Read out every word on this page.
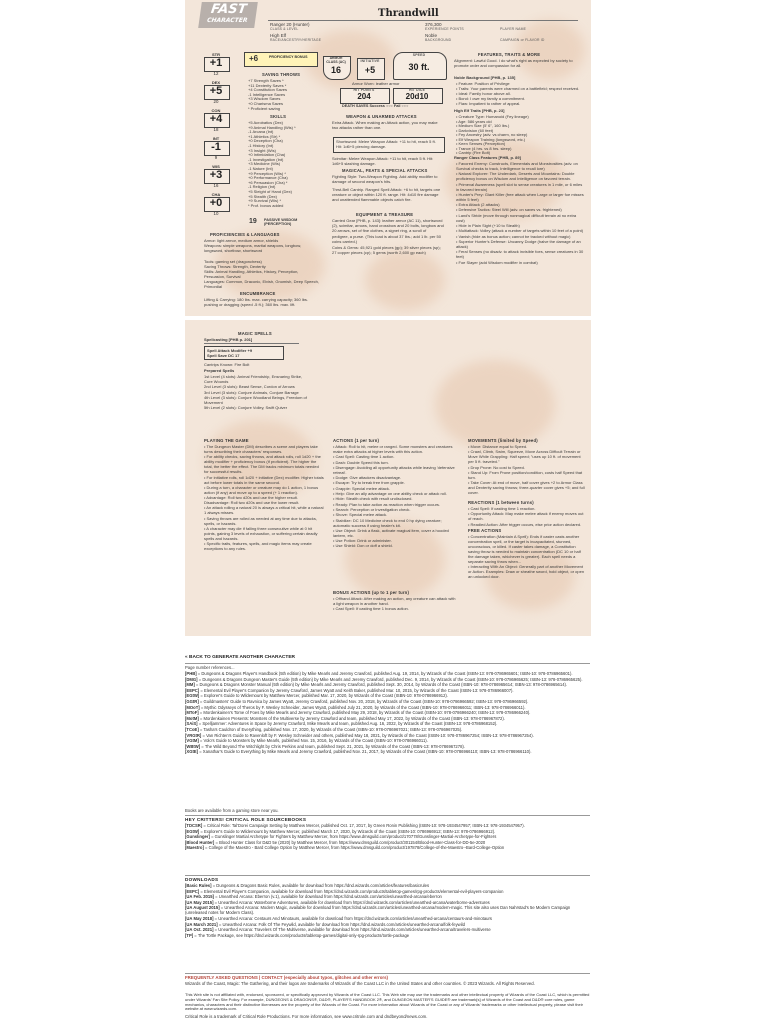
FAST
CHARACTER
Thrandwill
Ranger 20 (Hunter)	376,300
CLASS & LEVEL	EXPERIENCE POINTS	PLAYER NAME
High Elf	Noble
RACE/ANCESTRY/HERITAGE	BACKGROUND	CAMPAIGN or FLAVOR ID
STR
+1
12
DEX
+5
20
CON
+4
18
INT
-1
9
WIS
+3
16
CHA
+0
10
+6	PROFICIENCY BONUS
SAVING THROWS
+7 Strength Saves *
+11 Dexterity Saves *
+4 Constitution Saves
-1 Intelligence Saves
+3 Wisdom Saves
+0 Charisma Saves
* Proficient saving
SKILLS
+5 Acrobatics (Dex)
+9 Animal Handling (Wis) *
-1 Arcana (Int)
+1 Athletics (Str) *
+0 Deception (Cha)
-1 History (Int)
+3 Insight (Wis)
+0 Intimidation (Cha)
-1 Investigation (Int)
+3 Medicine (Wis)
-1 Nature (Int)
+9 Perception (Wis) *
+0 Performance (Cha)
+6 Persuasion (Cha) *
-1 Religion (Int)
+5 Sleight of Hand (Dex)
+5 Stealth (Dex)
+9 Survival (Wis) *
* Prof. bonus added
19 PASSIVE WISDOM (PERCEPTION)
PROFICIENCIES & LANGUAGES
Armor: light armor, medium armor, shields
Weapons: simple weapons, martial weapons, longbow, longsword, shortbow, shortsword
Tools: gaming set (dragonchess)
Saving Throws: Strength, Dexterity
Skills: Animal Handling, Athletics, History, Perception, Persuasion, Survival
Languages: Common, Draconic, Elvish, Gnomish, Deep Speech, Primordial
ENCUMBRANCE
Lifting & Carrying: 180 lbs. max. carrying capacity; 360 lbs. pushing or dragging (speed -5 ft.); 360 lbs. max. lift.
ARMOR CLASS (AC)
16
INITIATIVE
+5
SPEED
30 ft.
Armor Worn: leather armor
HIT POINTS
204
HIT DICE
20d10
DEATH SAVES Success ○○○ Fail ○○○
WEAPON & UNARMED ATTACKS
Extra Attack. When making an Attack action, you may make two attacks rather than one.
Shortsword: Melee Weapon Attack: +11 to hit, reach 5 ft. Hit: 1d6+5 piercing damage.
Scimitar: Melee Weapon Attack: +11 to hit, reach 5 ft. Hit: 1d6+5 slashing damage.
MAGICAL, FEATS & SPECIAL ATTACKS
Fighting Style: Two-Weapon Fighting. Add ability modifier to damage of second weapon's hits.
Thrst-Bell Cantrip. Ranged Spell Attack: +6 to hit, targets one creature or object within 120 ft. range. Hit: 4d10 fire damage and unattended flammable objects catch fire.
EQUIPMENT & TREASURE
Carried Gear [PHB, p. 143]: leather armor (AC 11), shortsword (2), scimitar, arrows, hand crossbow and 20 bolts, longbow and 20 arrows, set of fine clothes, a signet ring, a scroll of pedigree, a purse. (This load is about 37 lbs.; add 1 lb. per 50 coins carried.)
Coins & Gems: 45,921 gold pieces (gp); 39 silver pieces (sp); 27 copper pieces (cp); 5 gems (worth 2,600 gp each)
FEATURES, TRAITS & MORE
Alignment: Lawful Good. I do what's right as expected by society to promote order and compassion for all.
Noble Background [PHB, p. 135]
• Feature: Position of Privilege
• Traits: Your parents were charmed on a battlefield; respect received.
• Ideal: Family honor above all.
• Bond: I owe my family a commitment.
• Flaw: Impatient to rather of appeal.
High Elf Traits [PHB, p. 23]
• Creature Type: Humanoid (Fey lineage)
• Age: 586 years old
• Medium Size (5' 6", 160 lbs.)
• Darkvision (60 feet)
• Fey Ancestry (adv. vs charm, no sleep)
• Elf Weapon Training (longsword, etc.)
• Keen Senses (Perception)
• Trance (4 hrs. vs 8 hrs. sleep)
• Cantrip (Fire Bolt)
Ranger Class Features [PHB, p. 89]
• Favored Enemy: Constructs, Elementals and Monstrosities (adv. on Survival checks to track, Intelligence to recall lore)
• Natural Explorer: The Underdark, Deserts and Mountains: Double proficiency bonus on Wisdom and Intelligence on favored terrain.
• Primeval Awareness (spell slot to sense creatures in 1 mile, or 6 miles in favored terrain)
• Hunter's Prey: Giant Killer (free attack when Large or larger foe misses within 5 feet)
• Extra Attack (2 attacks)
• Defensive Tactics: Steel Will (adv. on saves vs. frightened)
• Land's Stride (move through nonmagical difficult terrain at no extra cost)
• Hide in Plain Sight (+10 to Stealth)
• Multiattack: Volley (attack a number of targets within 10 feet of a point)
• Vanish (hide as bonus action; cannot be tracked without magic)
• Superior Hunter's Defense: Uncanny Dodge (halve the damage of an attack)
• Feral Senses (no disadv. to attack invisible foes, sense creatures in 30 feet)
• Foe Slayer (add Wisdom modifier in combat)
MAGIC SPELLS
Spellcasting [PHB p. 201]
Spell Attack Modifier +9
Spell Save DC 17
Cantrips Known: Fire Bolt
Prepared Spells
1st Level (4 slots): Animal Friendship, Ensnaring Strike, Cure Wounds
2nd Level (3 slots): Beast Sense, Cordon of Arrows
3rd Level (3 slots): Conjure Animals, Conjure Barrage
4th Level (3 slots): Conjure Woodland Beings, Freedom of Movement
5th Level (2 slots): Conjure Volley, Swift Quiver
PLAYING THE GAME
• The Dungeon Master (DM) describes a scene and players take turns describing their characters' responses.
• For ability checks, saving throws, and attack rolls, roll 1d20 + the ability modifier + proficiency bonus (if proficient). The higher the total, the better the effect. The DM tracks minimum totals needed for successful results.
• For initiative rolls, roll 1d20 + initiative (Dex) modifier. Higher totals act before lower totals in the same second.
• During a turn, a character or creature may do 1 action, 1 bonus action (if any) and move up to a speed (+ 1 reaction).
• Advantage: Roll two d20s and use the higher result. Disadvantage: Roll two d20s and use the lower result.
• An attack rolling a natural 20 is always a critical hit, while a natural 1 always misses.
• Saving throws are rolled as needed at any time due to attacks, spells, or hazards.
• A character may die if falling three consecutive while at 0 hit points, gaining 3 levels of exhaustion, or suffering certain deadly spells and hazards.
• Specific traits, features, spells, and magic items may create exceptions to any rules.
ACTIONS (1 per turn)
• Attack: Roll to hit, melee or ranged. Some monsters and creatures make extra attacks at higher levels with this action.
• Cast Spell: Casting time 1 action.
• Dash: Double Speed this turn.
• Disengage: Avoiding all opportunity attacks while leaving 'defensive retreat'.
• Dodge: Give attackers disadvantage.
• Escape: Try to break free from grapple.
• Grapple: Special melee attack.
• Help: Give an ally advantage on one ability check or attack roll.
• Hide: Stealth check with result undisclosed.
• Ready: Plan to take action as reaction when trigger occurs.
• Search: Perception or Investigation check.
• Shove: Special melee attack.
• Stabilize: DC 10 Medicine check to end 0 hp dying creature; automatic success if using healer's kit.
• Use Object: Drink a flask, activate magical item, cover a hooded lantern, etc.
• Use Potion: Drink or administer.
• Use Shield: Don or doff a shield.
BONUS ACTIONS (up to 1 per turn)
• Offhand Attack: After making an action, any creature can attack with a light weapon in another hand.
• Cast Spell: If casting time 1 bonus action.
MOVEMENTS (limited by Speed)
• Move: Distance equal to Speed.
• Crawl, Climb, Swim, Squeeze, Move Across Difficult Terrain or Move While Grappling: Half speed; "uses up 10 ft. of movement per 5 ft. traveled."
• Drop Prone: No cost to Speed.
• Stand Up: From Prone position/condition, costs half Speed that turn.
• Take Cover: At end of move, half cover gives +2 to Armor Class and Dexterity saving throws; three-quarter cover gives +5; and full cover.
REACTIONS (1 between turns)
• Cast Spell: If casting time 1 reaction.
• Opportunity Attack: May make melee attack if enemy moves out of reach.
• Readied Action: After trigger occurs, else prior action declared.
FREE ACTIONS
• Concentration (Maintain A Spell): Ends if caster casts another concentration spell, or the target is incapacitated, stunned, unconscious, or killed. If caster takes damage, a Constitution saving throw is needed to maintain concentration (DC 10 or half the damage taken, whichever is greater). Each spell needs a separate saving throw when...
• Interacting With An Object: Generally part of another Movement or Action. Examples: Draw or sheathe sword, hold object, or open an unlocked door.
« BACK TO GENERATE ANOTHER CHARACTER
Page number references...
[PHB] = Dungeons & Dragons Player's Handbook (5th edition) by Mike Mearls and Jeremy Crawford, published Aug. 19, 2014, by Wizards of the Coast (ISBN-13: 978-0786965601; ISBN-10: 978-0786965601).
[DMG] = Dungeons & Dragons Dungeon Master's Guide (5th edition) by Mike Mearls and Jeremy Crawford, published Dec. 9, 2014, by Wizards of the Coast (ISBN-10: 978-0786965625; ISBN-13: 978-0786965625).
[MM] = Dungeons & Dragons Monster Manual (5th edition) by Mike Mearls and Jeremy Crawford, published Sept. 30, 2014, by Wizards of the Coast (ISBN-10: 978-0786965614; ISBN-13: 978-0786965614).
[EEPC] = Elemental Evil Player's Companion by Jeremy Crawford, James Wyatt and Keith Baker, published Mar. 10, 2015, by Wizards of the Coast (ISBN-13: 978-0786966007).
[EGtW] = Explorer's Guide to Wildemount by Matthew Mercer, published Mar. 17, 2020, by Wizards of the Coast (ISBN-10: 978-0786966912).
[GGtR] = Guildmasters' Guide to Ravnica by James Wyatt, Jeremy Crawford, published Nov. 20, 2018, by Wizards of the Coast (ISBN-10: 978-0786966592; ISBN-13: 978-0786966592).
[MOoT] = Mythic Odysseys of Theros by F. Wesley Schneider, James Wyatt, published July 21, 2020, by Wizards of the Coast (ISBN-10: 978-0786966011; ISBN-13: 978-0786966011).
[MToF] = Mordenkainen's Tome of Foes by Mike Mearls and Jeremy Crawford, published May 29, 2018, by Wizards of the Coast (ISBN-10: 978-0786966240; ISBN-13: 978-0786966240).
[MotM] = Mordenkainen Presents: Monsters of the Multiverse by Jeremy Crawford and team, published May 17, 2022, by Wizards of the Coast (ISBN-13: 978-0786967872).
[SAiS] = Spelljammer: Adventures in Space by Jeremy Crawford, Mike Mearls and team, published Aug. 16, 2022, by Wizards of the Coast (ISBN-13: 978-0786968152).
[TCoE] = Tasha's Cauldron of Everything, published Nov. 17, 2020, by Wizards of the Coast (ISBN-10: 978-0786967021; ISBN-13: 978-0786967025).
[VRGtR] = Van Richten's Guide to Ravenloft by F. Wesley Schneider and others, published May 18, 2021, by Wizards of the Coast (ISBN-10: 978-0786967254; ISBN-13: 978-0786967254).
[VGtM] = Volo's Guide to Monsters by Mike Mearls, published Nov. 15, 2016, by Wizards of the Coast (ISBN-10: 978-0786966011).
[WBtW] = The Wild Beyond The Witchlight by Chris Perkins and team, published Sept. 21, 2021, by Wizards of the Coast (ISBN-13: 978-0786967278).
[XGtE] = Xanathar's Guide to Everything by Mike Mearls and Jeremy Crawford, published Nov. 21, 2017, by Wizards of the Coast (ISBN-10: 978-0786966110; ISBN-13: 978-0786966110).
Books are available from a gaming store near you.
HEY CRITTERS! CRITICAL ROLE SOURCEBOOKS
[TDCSR] = Critical Role: Tal'Dorei Campaign Setting by Matthew Mercer, published Oct. 17, 2017, by Green Ronin Publishing (ISBN-10: 978-1934547957; ISBN-13: 978-1934547957).
[EGtW] = Explorer's Guide to Wildemount by Matthew Mercer, published March 17, 2020, by Wizards of the Coast (ISBN-10: 0786966912; ISBN-13: 978-0786966912).
[Gunslinger] = Gunslinger Martial Archetype for Fighters by Matthew Mercer, from https://www.dmsguild.com/product/170778/Gunslinger-Martial-Archetype-for-Fighters
[Blood Hunter] = Blood Hunter Class for D&D 5e (2020) by Matthew Mercer, from https://www.dmsguild.com/product/301154/Blood-Hunter-Class-for-DD-5e-2020
[Maestro] = College of the Maestro - Bard College Option by Matthew Mercer, from https://www.dmsguild.com/product/197878/College-of-the-Maestro--Bard-College-Option
DOWNLOADS
[Basic Rules] = Dungeons & Dragons Basic Rules, available for download from https://dnd.wizards.com/articles/features/basicrules
[EEPC] = Elemental Evil Player's Companion, available for download from https://dnd.wizards.com/products/tabletop-games/rpg-products/elemental-evil-players-companion
[UA Feb. 2015] = Unearthed Arcana: Eberron (v.1), available for download from https://dnd.wizards.com/articles/unearthed-arcana/eberron
[UA May 2015] = Unearthed Arcana: Waterborne Adventures, available for download from https://dnd.wizards.com/articles/unearthed-arcana/waterborne-adventures
[UA August 2015] = Unearthed Arcana: Modern Magic, available for download from https://dnd.wizards.com/articles/unearthed-arcana/modern-magic. This site also uses Dan Nahrstad's 5e Modern Campaign (unreleased notes for Modern Class).
[UA May 2018] = Unearthed Arcana: Centaurs And Minotaurs, available for download from https://dnd.wizards.com/articles/unearthed-arcana/centaurs-and-minotaurs
[UA March 2021] = Unearthed Arcana: Folk Of The Feywild, available for download from https://dnd.wizards.com/articles/unearthed-arcana/folk-feywild
[UA Oct. 2021] = Unearthed Arcana: Travelers Of The Multiverse, available for download from https://dnd.wizards.com/articles/unearthed-arcana/travelers-multiverse
[TP] = The Tortle Package, see https://dnd.wizards.com/products/tabletop-games/digital-only-rpg-products/tortle-package
FREQUENTLY ASKED QUESTIONS | CONTACT (especially about typos, glitches and other errors)
Wizards of the Coast, Magic: The Gathering, and their logos are trademarks of Wizards of the Coast LLC in the United States and other countries. © 2023 Wizards. All Rights Reserved.
This Web site is not affiliated with, endorsed, sponsored, or specifically approved by Wizards of the Coast LLC. This Web site may use the trademarks and other intellectual property of Wizards of the Coast LLC, which is permitted under Wizards' Fan Site Policy. For example, DUNGEONS & DRAGONS®, D&D®, PLAYER'S HANDBOOK 2®, and DUNGEON MASTER'S GUIDE® are trademark[s] of Wizards of the Coast and D&D® core rules, game mechanics, characters and their distinctive likenesses are the property of the Wizards of the Coast. For more information about Wizards of the Coast or any of Wizards' trademarks or other intellectual property, please visit their website at www.wizards.com.
Critical Role is a trademark of Critical Role Productions. For more information, see www.critrole.com and dndbeyond/news.com.
